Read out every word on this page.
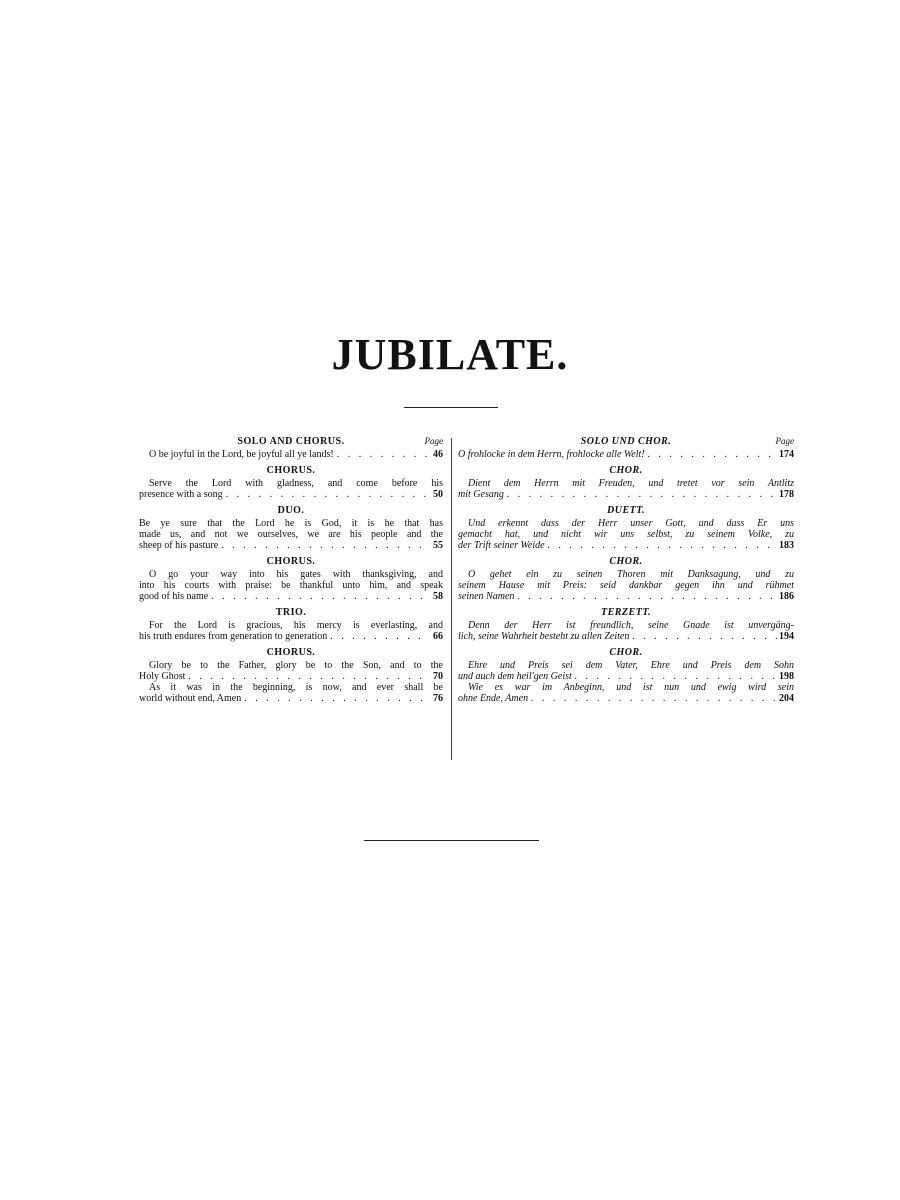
JUBILATE.
Page
SOLO AND CHORUS.
O be joyful in the Lord, be joyful all ye lands! . . .	46
CHORUS.
Serve the Lord with gladness, and come before his
presence with a song . . .	50
DUO.
Be ye sure that the Lord he is God, it is he that has
made us, and not we ourselves, we are his people and the
sheep of his pasture . . .	55
CHORUS.
O go your way into his gates with thanksgiving, and
into his courts with praise: be thankful unto him, and speak
good of his name . . .	58
TRIO.
For the Lord is gracious, his mercy is everlasting, and
his truth endures from generation to generation . . .	66
CHORUS.
Glory be to the Father, glory be to the Son, and to the
Holy Ghost . . .	70
As it was in the beginning, is now, and ever shall be
world without end, Amen . . .	76
Page
SOLO UND CHOR.
O frohlocke in dem Herrn, frohlocke alle Welt! . . .	174
CHOR.
Dient dem Herrn mit Freuden, und tretet vor sein Antlitz
mit Gesang . . .	178
DUETT.
Und erkennt dass der Herr unser Gott, und dass Er uns
gemacht hat, und nicht wir uns selbst, zu seinem Volke, zu
der Trift seiner Weide . . .	183
CHOR.
O gehet ein zu seinen Thoren mit Danksagung, und zu
seinem Hause mit Preis: seid dankbar gegen ihn und rühmet
seinen Namen . . .	186
TERZETT.
Denn der Herr ist freundlich, seine Gnade ist unvergäng-
lich, seine Wahrheit besteht zu allen Zeiten . . .	194
CHOR.
Ehre und Preis sei dem Vater, Ehre und Preis dem Sohn
und auch dem heil'gen Geist . . .	198
Wie es war im Anbeginn, und ist nun und ewig wird sein
ohne Ende, Amen . . .	204
